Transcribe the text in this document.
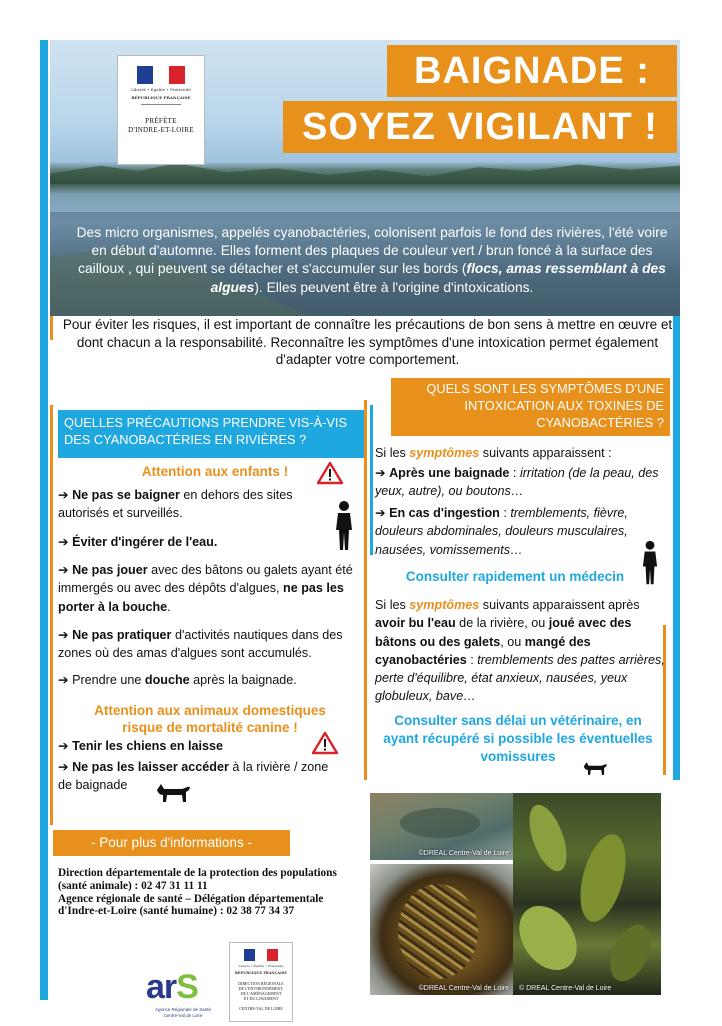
Liberté • Égalité • Fraternité
RÉPUBLIQUE FRANÇAISE
PRÉFÈTE
D'INDRE-ET-LOIRE
BAIGNADE :
SOYEZ VIGILANT !
Des micro organismes, appelés cyanobactéries, colonisent parfois le fond des rivières, l'été voire en début d'automne. Elles forment des plaques de couleur vert / brun foncé à la surface des cailloux , qui peuvent se détacher et s'accumuler sur les bords (flocs, amas ressemblant à des algues). Elles peuvent être à l'origine d'intoxications.
Pour éviter les risques, il est important de connaître les précautions de bon sens à mettre en œuvre et dont chacun a la responsabilité. Reconnaître les symptômes d'une intoxication permet également d'adapter votre comportement.
QUELLES PRÉCAUTIONS PRENDRE VIS-À-VIS DES CYANOBACTÉRIES EN RIVIÈRES ?
Attention aux enfants !
➔ Ne pas se baigner en dehors des sites autorisés et surveillés.
➔ Éviter d'ingérer de l'eau.
➔ Ne pas jouer avec des bâtons ou galets ayant été immergés ou avec des dépôts d'algues, ne pas les porter à la bouche.
➔ Ne pas pratiquer d'activités nautiques dans des zones où des amas d'algues sont accumulés.
➔ Prendre une douche après la baignade.
Attention aux animaux domestiques
risque de mortalité canine !
➔ Tenir les chiens en laisse
➔ Ne pas les laisser accéder à la rivière / zone de baignade
QUELS SONT LES SYMPTÔMES D'UNE INTOXICATION AUX TOXINES DE CYANOBACTÉRIES ?
Si les symptômes suivants apparaissent :
➔ Après une baignade : irritation (de la peau, des yeux, autre), ou boutons…
➔ En cas d'ingestion : tremblements, fièvre, douleurs abdominales, douleurs musculaires, nausées, vomissements…
Consulter rapidement un médecin
Si les symptômes suivants apparaissent après avoir bu l'eau de la rivière, ou joué avec des bâtons ou des galets, ou mangé des cyanobactéries : tremblements des pattes arrières, perte d'équilibre, état anxieux, nausées, yeux globuleux, bave…
Consulter sans délai un vétérinaire, en ayant récupéré si possible les éventuelles vomissures
- Pour plus d'informations -
Direction départementale de la protection des populations (santé animale) : 02 47 31 11 11
Agence régionale de santé – Délégation départementale d'Indre-et-Loire (santé humaine) : 02 38 77 34 37
©DREAL Centre-Val de Loire
©DREAL Centre-Val de Loire © DREAL Centre-Val de Loire
arS
Agence Régionale de Santé
Centre-Val de Loire
Liberté • Égalité • Fraternité
RÉPUBLIQUE FRANÇAISE
DIRECTION RÉGIONALE
DE L'ENVIRONNEMENT,
DE L'AMÉNAGEMENT
ET DU LOGEMENT

CENTRE-VAL DE LOIRE
